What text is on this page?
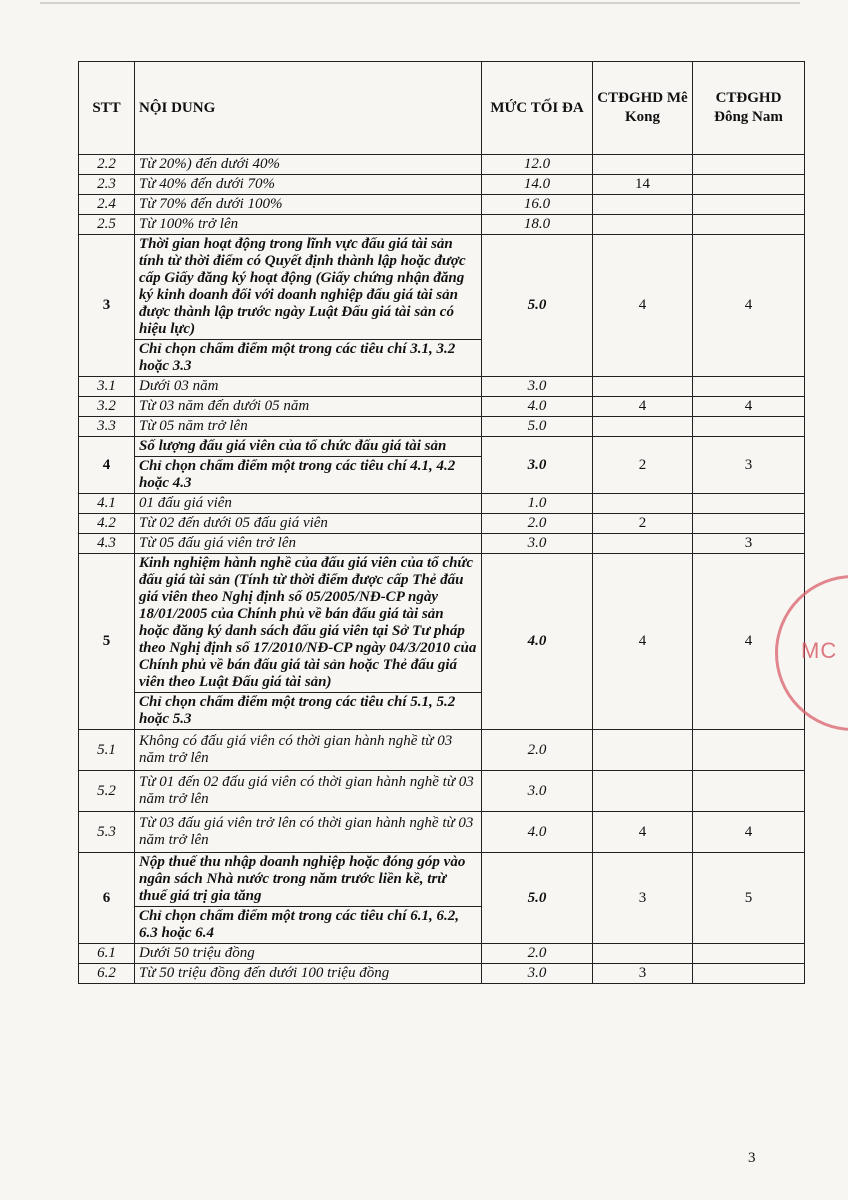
STT	NỘI DUNG	MỨC TỐI ĐA	CTĐGHD Mê Kong	CTĐGHD Đông Nam
2.2	Từ 20%) đến dưới 40%	12.0		
2.3	Từ 40% đến dưới 70%	14.0	14	
2.4	Từ 70% đến dưới 100%	16.0		
2.5	Từ 100% trở lên	18.0		
3	Thời gian hoạt động trong lĩnh vực đấu giá tài sản tính từ thời điểm có Quyết định thành lập hoặc được cấp Giấy đăng ký hoạt động (Giấy chứng nhận đăng ký kinh doanh đối với doanh nghiệp đấu giá tài sản được thành lập trước ngày Luật Đấu giá tài sản có hiệu lực)	5.0	4	4
	Chỉ chọn chấm điểm một trong các tiêu chí 3.1, 3.2 hoặc 3.3			
3.1	Dưới 03 năm	3.0		
3.2	Từ 03 năm đến dưới 05 năm	4.0	4	4
3.3	Từ 05 năm trở lên	5.0		
4	Số lượng đấu giá viên của tổ chức đấu giá tài sản	3.0	2	3
	Chỉ chọn chấm điểm một trong các tiêu chí 4.1, 4.2 hoặc 4.3			
4.1	01 đấu giá viên	1.0		
4.2	Từ 02 đến dưới 05 đấu giá viên	2.0	2	
4.3	Từ 05 đấu giá viên trở lên	3.0		3
5	Kinh nghiệm hành nghề của đấu giá viên của tổ chức đấu giá tài sản (Tính từ thời điểm được cấp Thẻ đấu giá viên theo Nghị định số 05/2005/NĐ-CP ngày 18/01/2005 của Chính phủ về bán đấu giá tài sản hoặc đăng ký danh sách đấu giá viên tại Sở Tư pháp theo Nghị định số 17/2010/NĐ-CP ngày 04/3/2010 của Chính phủ về bán đấu giá tài sản hoặc Thẻ đấu giá viên theo Luật Đấu giá tài sản)	4.0	4	4
	Chỉ chọn chấm điểm một trong các tiêu chí 5.1, 5.2 hoặc 5.3			
5.1	Không có đấu giá viên có thời gian hành nghề từ 03 năm trở lên	2.0		
5.2	Từ 01 đến 02 đấu giá viên có thời gian hành nghề từ 03 năm trở lên	3.0		
5.3	Từ 03 đấu giá viên trở lên có thời gian hành nghề từ 03 năm trở lên	4.0	4	4
6	Nộp thuế thu nhập doanh nghiệp hoặc đóng góp vào ngân sách Nhà nước trong năm trước liền kề, trừ thuế giá trị gia tăng	5.0	3	5
	Chỉ chọn chấm điểm một trong các tiêu chí 6.1, 6.2, 6.3 hoặc 6.4			
6.1	Dưới 50 triệu đồng	2.0		
6.2	Từ 50 triệu đồng đến dưới 100 triệu đồng	3.0	3	
MC
3
